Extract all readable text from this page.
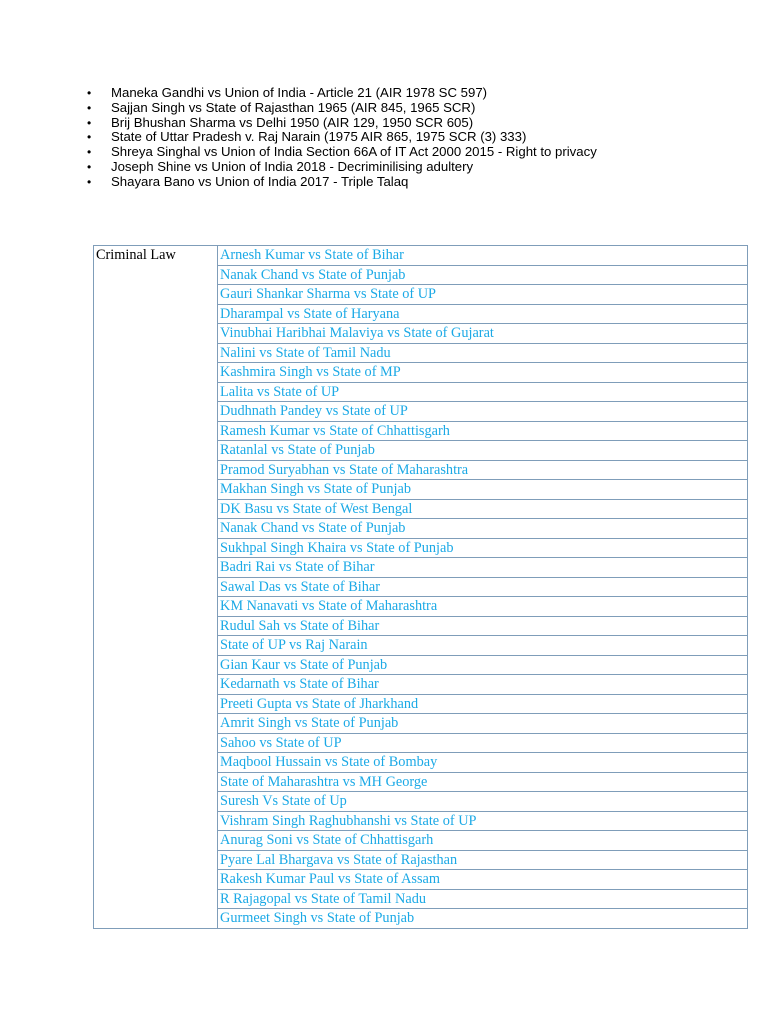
• Maneka Gandhi vs Union of India - Article 21 (AIR 1978 SC 597)
• Sajjan Singh vs State of Rajasthan 1965 (AIR 845, 1965 SCR)
• Brij Bhushan Sharma vs Delhi 1950 (AIR 129, 1950 SCR 605)
• State of Uttar Pradesh v. Raj Narain (1975 AIR 865, 1975 SCR (3) 333)
• Shreya Singhal vs Union of India Section 66A of IT Act 2000 2015 - Right to privacy
• Joseph Shine vs Union of India 2018 - Decriminilising adultery
• Shayara Bano vs Union of India 2017 - Triple Talaq
Criminal Law	Arnesh Kumar vs State of Bihar
Nanak Chand vs State of Punjab
Gauri Shankar Sharma vs State of UP
Dharampal vs State of Haryana
Vinubhai Haribhai Malaviya vs State of Gujarat
Nalini vs State of Tamil Nadu
Kashmira Singh vs State of MP
Lalita vs State of UP
Dudhnath Pandey vs State of UP
Ramesh Kumar vs State of Chhattisgarh
Ratanlal vs State of Punjab
Pramod Suryabhan vs State of Maharashtra
Makhan Singh vs State of Punjab
DK Basu vs State of West Bengal
Nanak Chand vs State of Punjab
Sukhpal Singh Khaira vs State of Punjab
Badri Rai vs State of Bihar
Sawal Das vs State of Bihar
KM Nanavati vs State of Maharashtra
Rudul Sah vs State of Bihar
State of UP vs Raj Narain
Gian Kaur vs State of Punjab
Kedarnath vs State of Bihar
Preeti Gupta vs State of Jharkhand
Amrit Singh vs State of Punjab
Sahoo vs State of UP
Maqbool Hussain vs State of Bombay
State of Maharashtra vs MH George
Suresh Vs State of Up
Vishram Singh Raghubhanshi vs State of UP
Anurag Soni vs State of Chhattisgarh
Pyare Lal Bhargava vs State of Rajasthan
Rakesh Kumar Paul vs State of Assam
R Rajagopal vs State of Tamil Nadu
Gurmeet Singh vs State of Punjab
